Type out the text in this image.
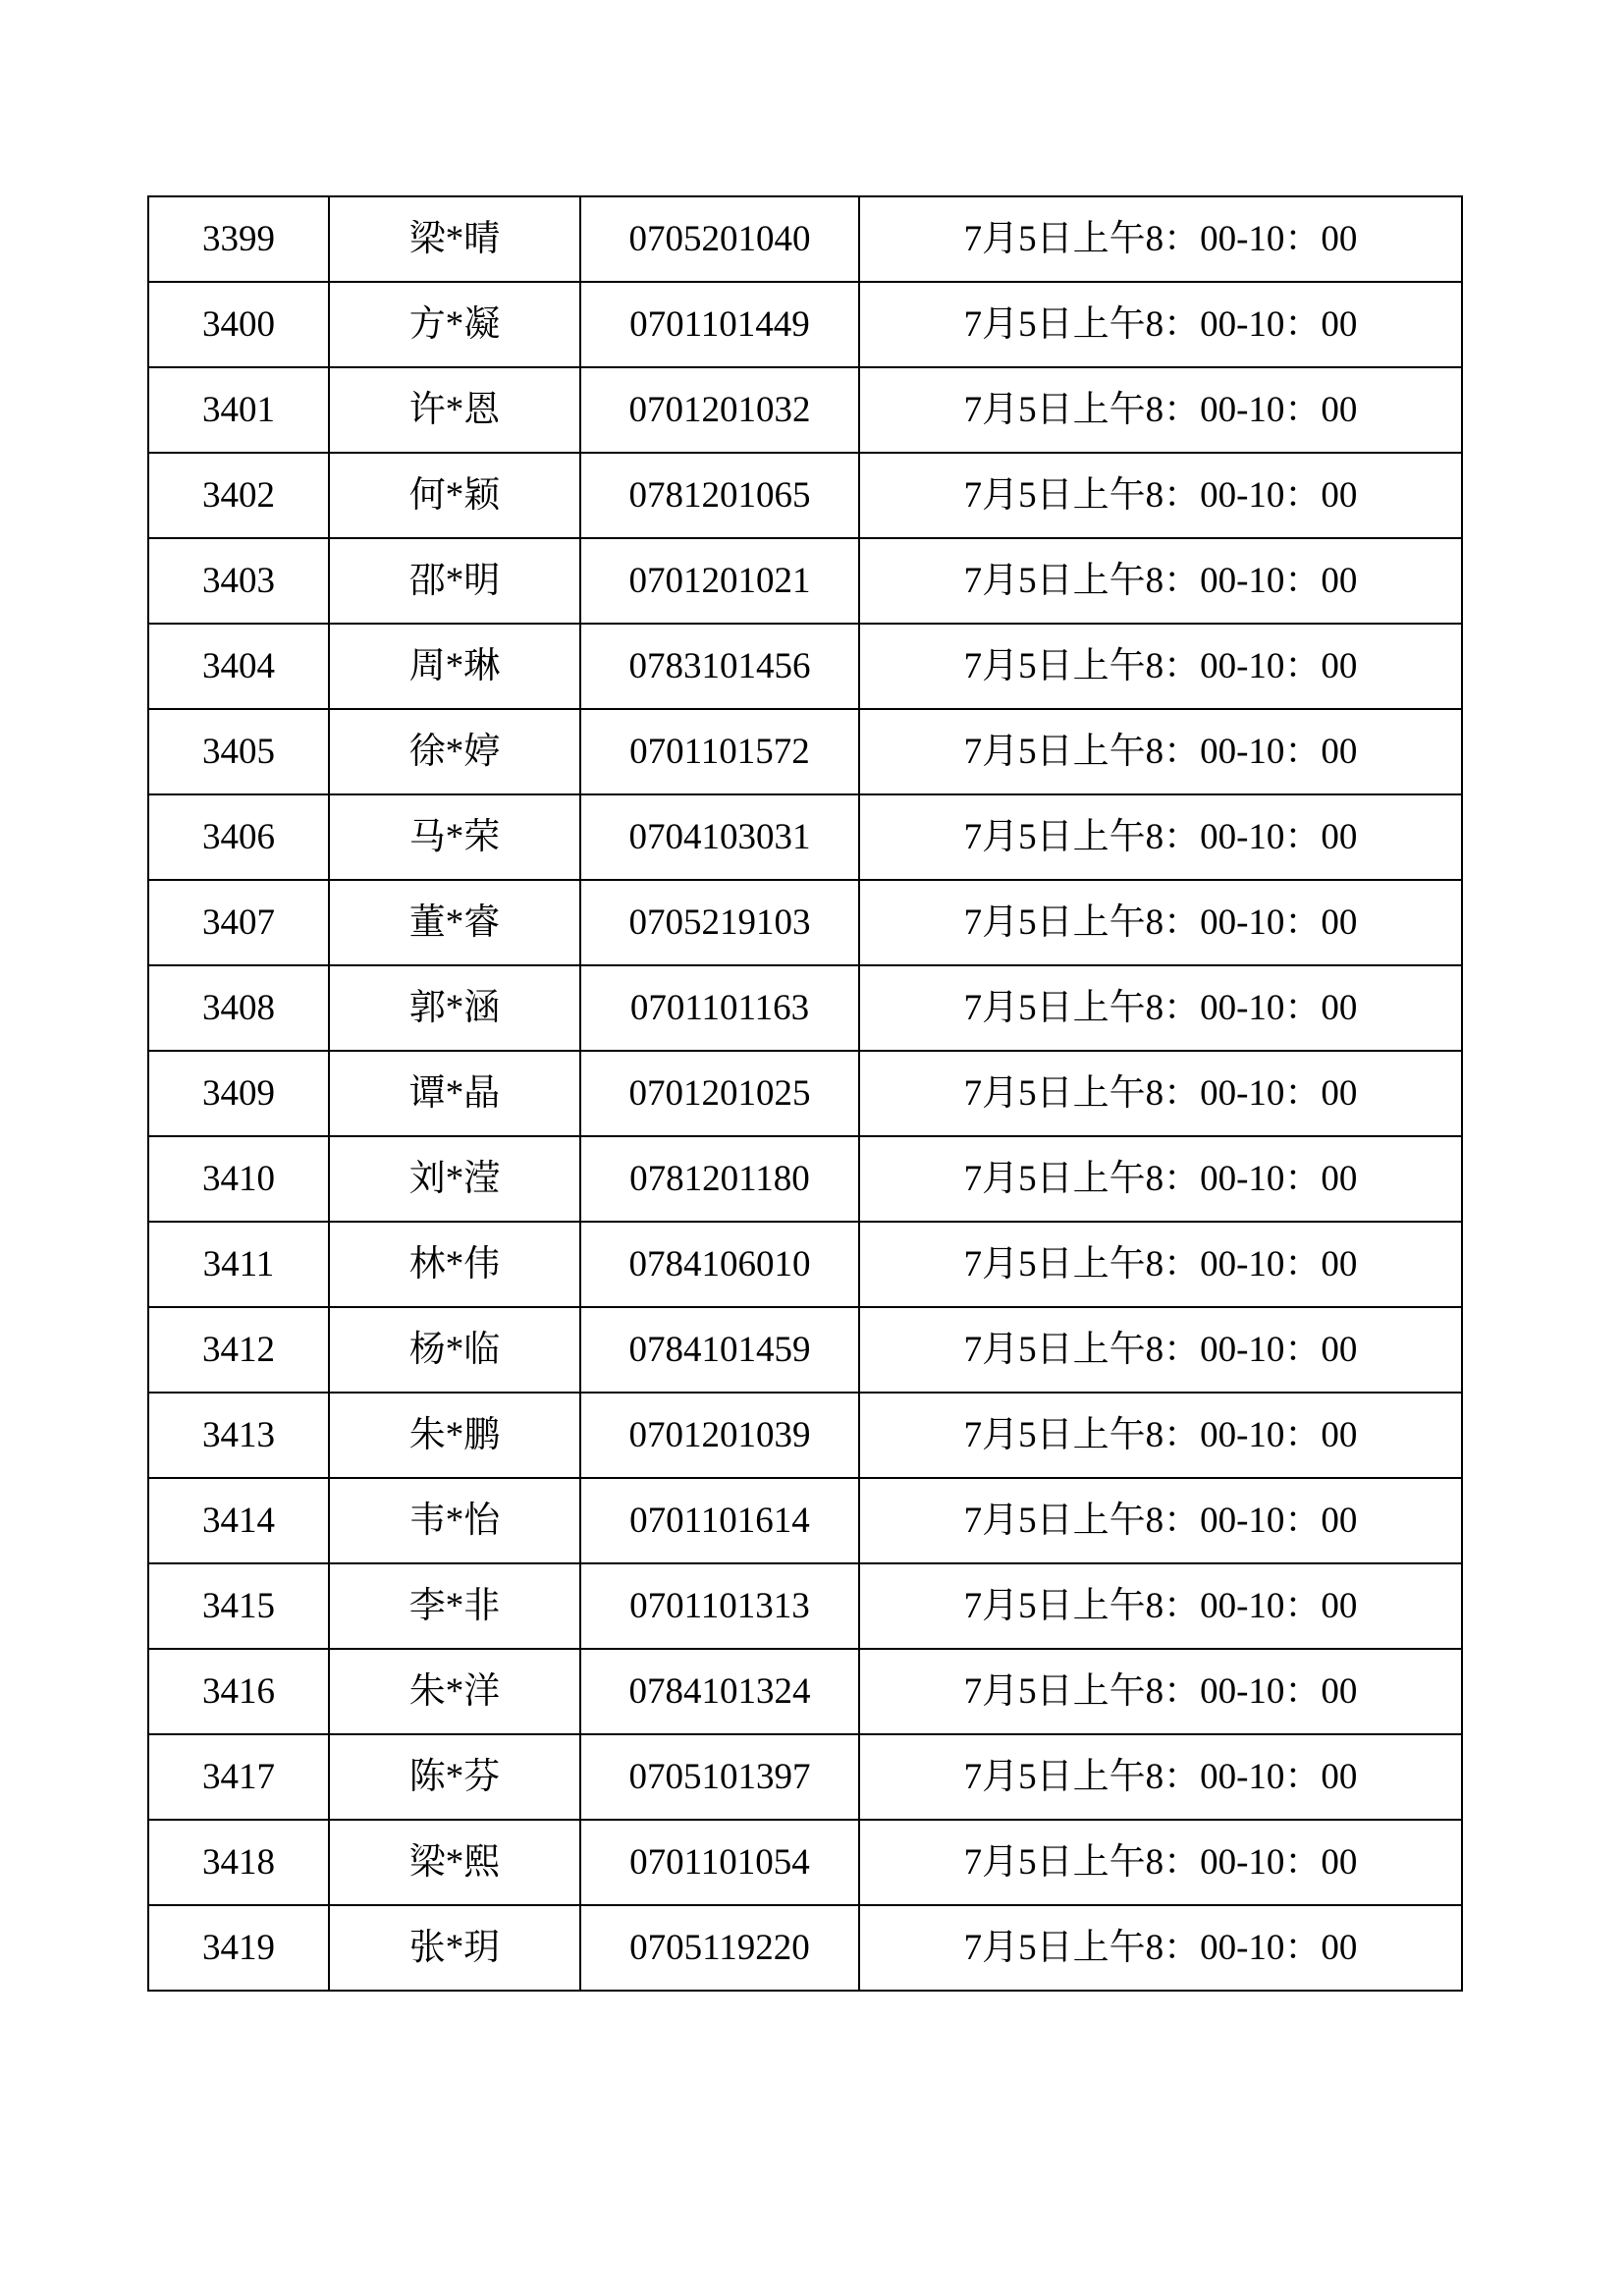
3399	梁*晴	0705201040	7月5日上午8：00-10：00
3400	方*凝	0701101449	7月5日上午8：00-10：00
3401	许*恩	0701201032	7月5日上午8：00-10：00
3402	何*颖	0781201065	7月5日上午8：00-10：00
3403	邵*明	0701201021	7月5日上午8：00-10：00
3404	周*琳	0783101456	7月5日上午8：00-10：00
3405	徐*婷	0701101572	7月5日上午8：00-10：00
3406	马*荣	0704103031	7月5日上午8：00-10：00
3407	董*睿	0705219103	7月5日上午8：00-10：00
3408	郭*涵	0701101163	7月5日上午8：00-10：00
3409	谭*晶	0701201025	7月5日上午8：00-10：00
3410	刘*滢	0781201180	7月5日上午8：00-10：00
3411	林*伟	0784106010	7月5日上午8：00-10：00
3412	杨*临	0784101459	7月5日上午8：00-10：00
3413	朱*鹏	0701201039	7月5日上午8：00-10：00
3414	韦*怡	0701101614	7月5日上午8：00-10：00
3415	李*非	0701101313	7月5日上午8：00-10：00
3416	朱*洋	0784101324	7月5日上午8：00-10：00
3417	陈*芬	0705101397	7月5日上午8：00-10：00
3418	梁*熙	0701101054	7月5日上午8：00-10：00
3419	张*玥	0705119220	7月5日上午8：00-10：00
